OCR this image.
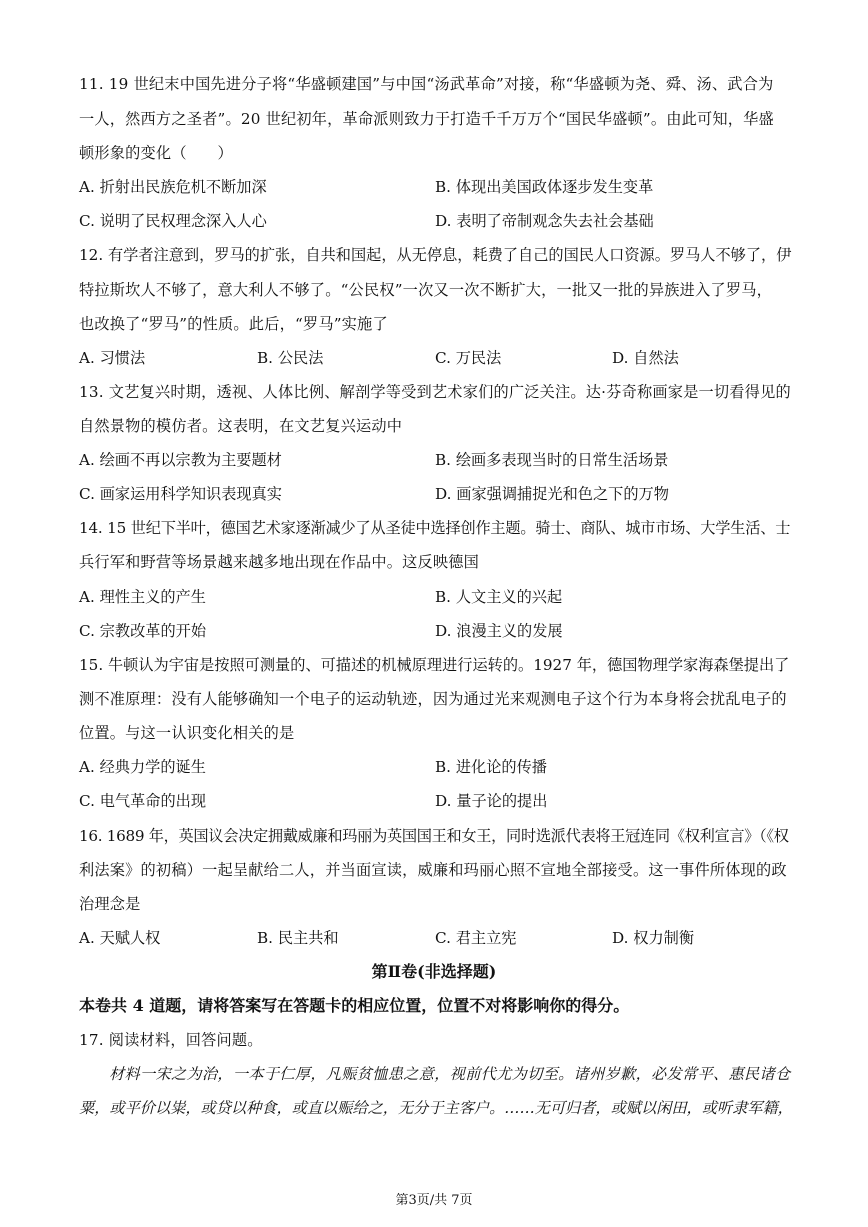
11. 19 世纪末中国先进分子将“华盛顿建国”与中国“汤武革命”对接，称“华盛顿为尧、舜、汤、武合为
一人，然西方之圣者”。20 世纪初年，革命派则致力于打造千千万万个“国民华盛顿”。由此可知，华盛
顿形象的变化（　　）
A. 折射出民族危机不断加深	B. 体现出美国政体逐步发生变革
C. 说明了民权理念深入人心	D. 表明了帝制观念失去社会基础
12. 有学者注意到，罗马的扩张，自共和国起，从无停息，耗费了自己的国民人口资源。罗马人不够了，伊
特拉斯坎人不够了，意大利人不够了。“公民权”一次又一次不断扩大，一批又一批的异族进入了罗马，
也改换了“罗马”的性质。此后，“罗马”实施了
A. 习惯法	B. 公民法	C. 万民法	D. 自然法
13. 文艺复兴时期，透视、人体比例、解剖学等受到艺术家们的广泛关注。达·芬奇称画家是一切看得见的
自然景物的模仿者。这表明，在文艺复兴运动中
A. 绘画不再以宗教为主要题材	B. 绘画多表现当时的日常生活场景
C. 画家运用科学知识表现真实	D. 画家强调捕捉光和色之下的万物
14. 15 世纪下半叶，德国艺术家逐渐减少了从圣徒中选择创作主题。骑士、商队、城市市场、大学生活、士
兵行军和野营等场景越来越多地出现在作品中。这反映德国
A. 理性主义的产生	B. 人文主义的兴起
C. 宗教改革的开始	D. 浪漫主义的发展
15. 牛顿认为宇宙是按照可测量的、可描述的机械原理进行运转的。1927 年，德国物理学家海森堡提出了
测不准原理：没有人能够确知一个电子的运动轨迹，因为通过光来观测电子这个行为本身将会扰乱电子的
位置。与这一认识变化相关的是
A. 经典力学的诞生	B. 进化论的传播
C. 电气革命的出现	D. 量子论的提出
16. 1689 年，英国议会决定拥戴威廉和玛丽为英国国王和女王，同时选派代表将王冠连同《权利宣言》（《权
利法案》的初稿）一起呈献给二人，并当面宣读，威廉和玛丽心照不宣地全部接受。这一事件所体现的政
治理念是
A. 天赋人权	B. 民主共和	C. 君主立宪	D. 权力制衡
第Ⅱ卷(非选择题)
本卷共 4 道题，请将答案写在答题卡的相应位置，位置不对将影响你的得分。
17. 阅读材料，回答问题。
材料一宋之为治，一本于仁厚，凡赈贫恤患之意，视前代尤为切至。诸州岁歉，必发常平、惠民诸仓
粟，或平价以粜，或贷以种食，或直以赈给之，无分于主客户。……无可归者，或赋以闲田，或听隶军籍，
第3页/共 7页
